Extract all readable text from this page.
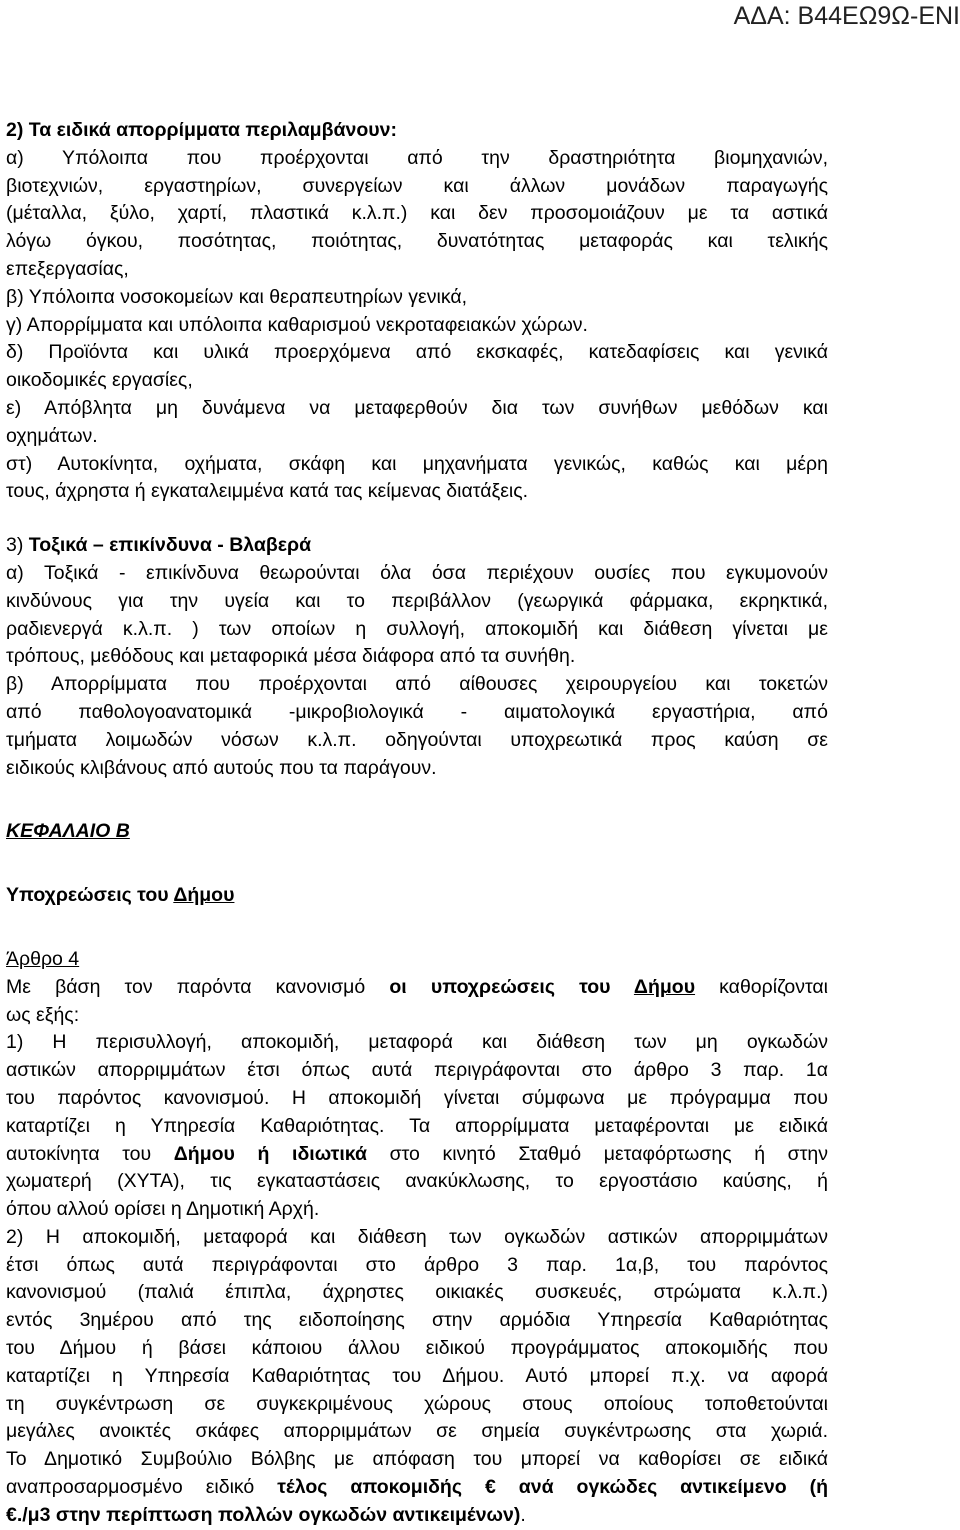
ΑΔΑ: Β44ΕΩ9Ω-ΕΝΙ
2) Τα ειδικά απορρίμματα περιλαμβάνουν:
α) Υπόλοιπα που προέρχονται από την δραστηριότητα βιομηχανιών,
βιοτεχνιών, εργαστηρίων, συνεργείων και άλλων μονάδων παραγωγής
(μέταλλα, ξύλο, χαρτί, πλαστικά κ.λ.π.) και δεν προσομοιάζουν με τα αστικά
λόγω όγκου, ποσότητας, ποιότητας, δυνατότητας μεταφοράς και τελικής
επεξεργασίας,
β) Υπόλοιπα νοσοκομείων και θεραπευτηρίων γενικά,
γ) Απορρίμματα και υπόλοιπα καθαρισμού νεκροταφειακών χώρων.
δ) Προϊόντα και υλικά προερχόμενα από εκσκαφές, κατεδαφίσεις και γενικά
οικοδομικές εργασίες,
ε) Απόβλητα μη δυνάμενα να μεταφερθούν δια των συνήθων μεθόδων και
οχημάτων.
στ) Αυτοκίνητα, οχήματα, σκάφη και μηχανήματα γενικώς, καθώς και μέρη
τους, άχρηστα ή εγκαταλειμμένα κατά τας κείμενας διατάξεις.
3) Τοξικά – επικίνδυνα - Βλαβερά
α) Τοξικά - επικίνδυνα θεωρούνται όλα όσα περιέχουν ουσίες που εγκυμονούν
κινδύνους για την υγεία και το περιβάλλον (γεωργικά φάρμακα, εκρηκτικά,
ραδιενεργά κ.λ.π. ) των οποίων η συλλογή, αποκομιδή και διάθεση γίνεται με
τρόπους, μεθόδους και μεταφορικά μέσα διάφορα από τα συνήθη.
β) Απορρίμματα που προέρχονται από αίθουσες χειρουργείου και τοκετών
από παθολογοανατομικά -μικροβιολογικά - αιματολογικά εργαστήρια, από
τμήματα λοιμωδών νόσων κ.λ.π. οδηγούνται υποχρεωτικά προς καύση σε
ειδικούς κλιβάνους από αυτούς που τα παράγουν.
ΚΕΦΑΛΑΙΟ Β
Υποχρεώσεις του Δήμου
Άρθρο 4
Με βάση τον παρόντα κανονισμό οι υποχρεώσεις του Δήμου καθορίζονται
ως εξής:
1) Η περισυλλογή, αποκομιδή, μεταφορά και διάθεση των μη ογκωδών
αστικών απορριμμάτων έτσι όπως αυτά περιγράφονται στο άρθρο 3 παρ. 1α
του παρόντος κανονισμού. Η αποκομιδή γίνεται σύμφωνα με πρόγραμμα που
καταρτίζει η Υπηρεσία Καθαριότητας. Τα απορρίμματα μεταφέρονται με ειδικά
αυτοκίνητα του Δήμου ή ιδιωτικά στο κινητό Σταθμό μεταφόρτωσης ή στην
χωματερή (ΧΥΤΑ), τις εγκαταστάσεις ανακύκλωσης, το εργοστάσιο καύσης, ή
όπου αλλού ορίσει η Δημοτική Αρχή.
2) Η αποκομιδή, μεταφορά και διάθεση των ογκωδών αστικών απορριμμάτων
έτσι όπως αυτά περιγράφονται στο άρθρο 3 παρ. 1α,β, του παρόντος
κανονισμού (παλιά έπιπλα, άχρηστες οικιακές συσκευές, στρώματα κ.λ.π.)
εντός 3ημέρου από της ειδοποίησης στην αρμόδια Υπηρεσία Καθαριότητας
του Δήμου ή βάσει κάποιου άλλου ειδικού προγράμματος αποκομιδής που
καταρτίζει η Υπηρεσία Καθαριότητας του Δήμου. Αυτό μπορεί π.χ. να αφορά
τη συγκέντρωση σε συγκεκριμένους χώρους στους οποίους τοποθετούνται
μεγάλες ανοικτές σκάφες απορριμμάτων σε σημεία συγκέντρωσης στα χωριά.
Το Δημοτικό Συμβούλιο Βόλβης με απόφαση του μπορεί να καθορίσει σε ειδικά
αναπροσαρμοσμένο ειδικό τέλος αποκομιδής € ανά ογκώδες αντικείμενο (ή
€./μ3 στην περίπτωση πολλών ογκωδών αντικειμένων).
